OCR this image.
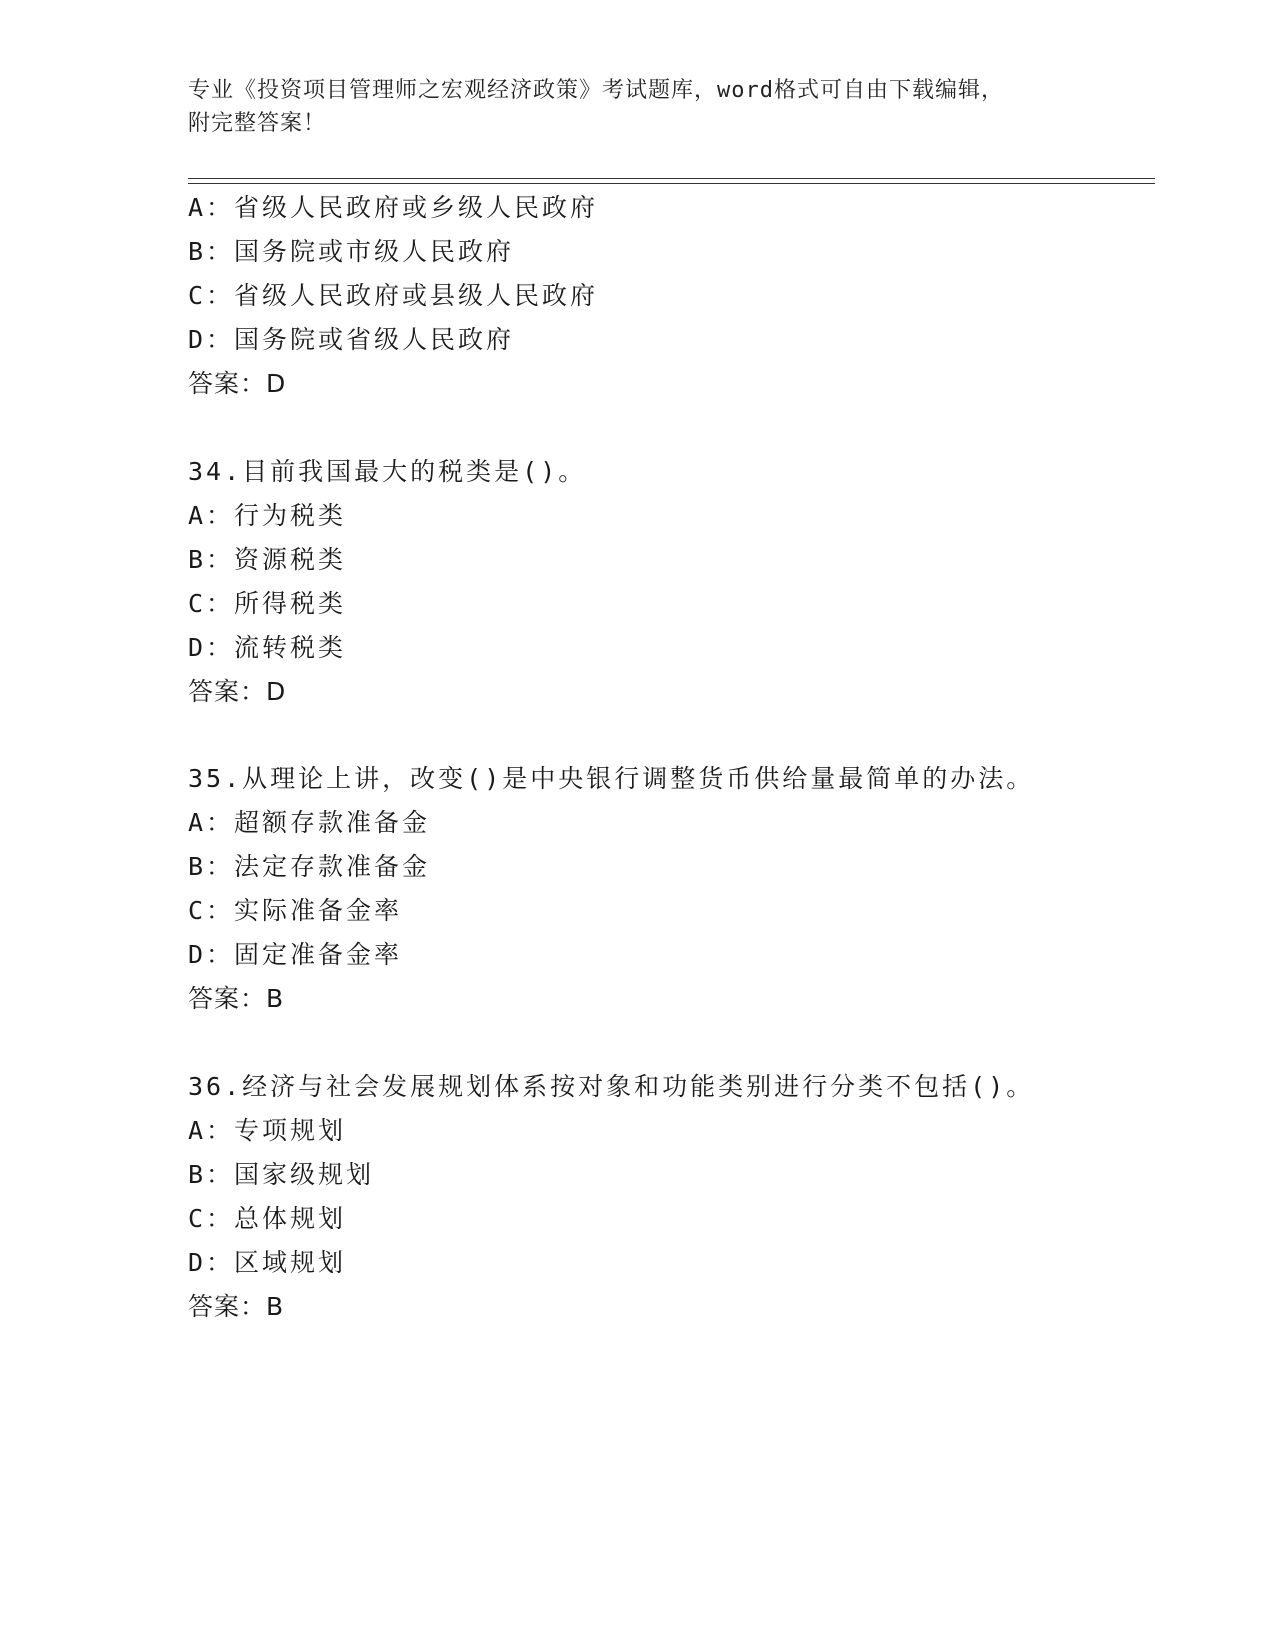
专业《投资项目管理师之宏观经济政策》考试题库，word格式可自由下载编辑，
附完整答案！
A：省级人民政府或乡级人民政府
B：国务院或市级人民政府
C：省级人民政府或县级人民政府
D：国务院或省级人民政府
答案：D
34.目前我国最大的税类是()。
A：行为税类
B：资源税类
C：所得税类
D：流转税类
答案：D
35.从理论上讲，改变()是中央银行调整货币供给量最简单的办法。
A：超额存款准备金
B：法定存款准备金
C：实际准备金率
D：固定准备金率
答案：B
36.经济与社会发展规划体系按对象和功能类别进行分类不包括()。
A：专项规划
B：国家级规划
C：总体规划
D：区域规划
答案：B
